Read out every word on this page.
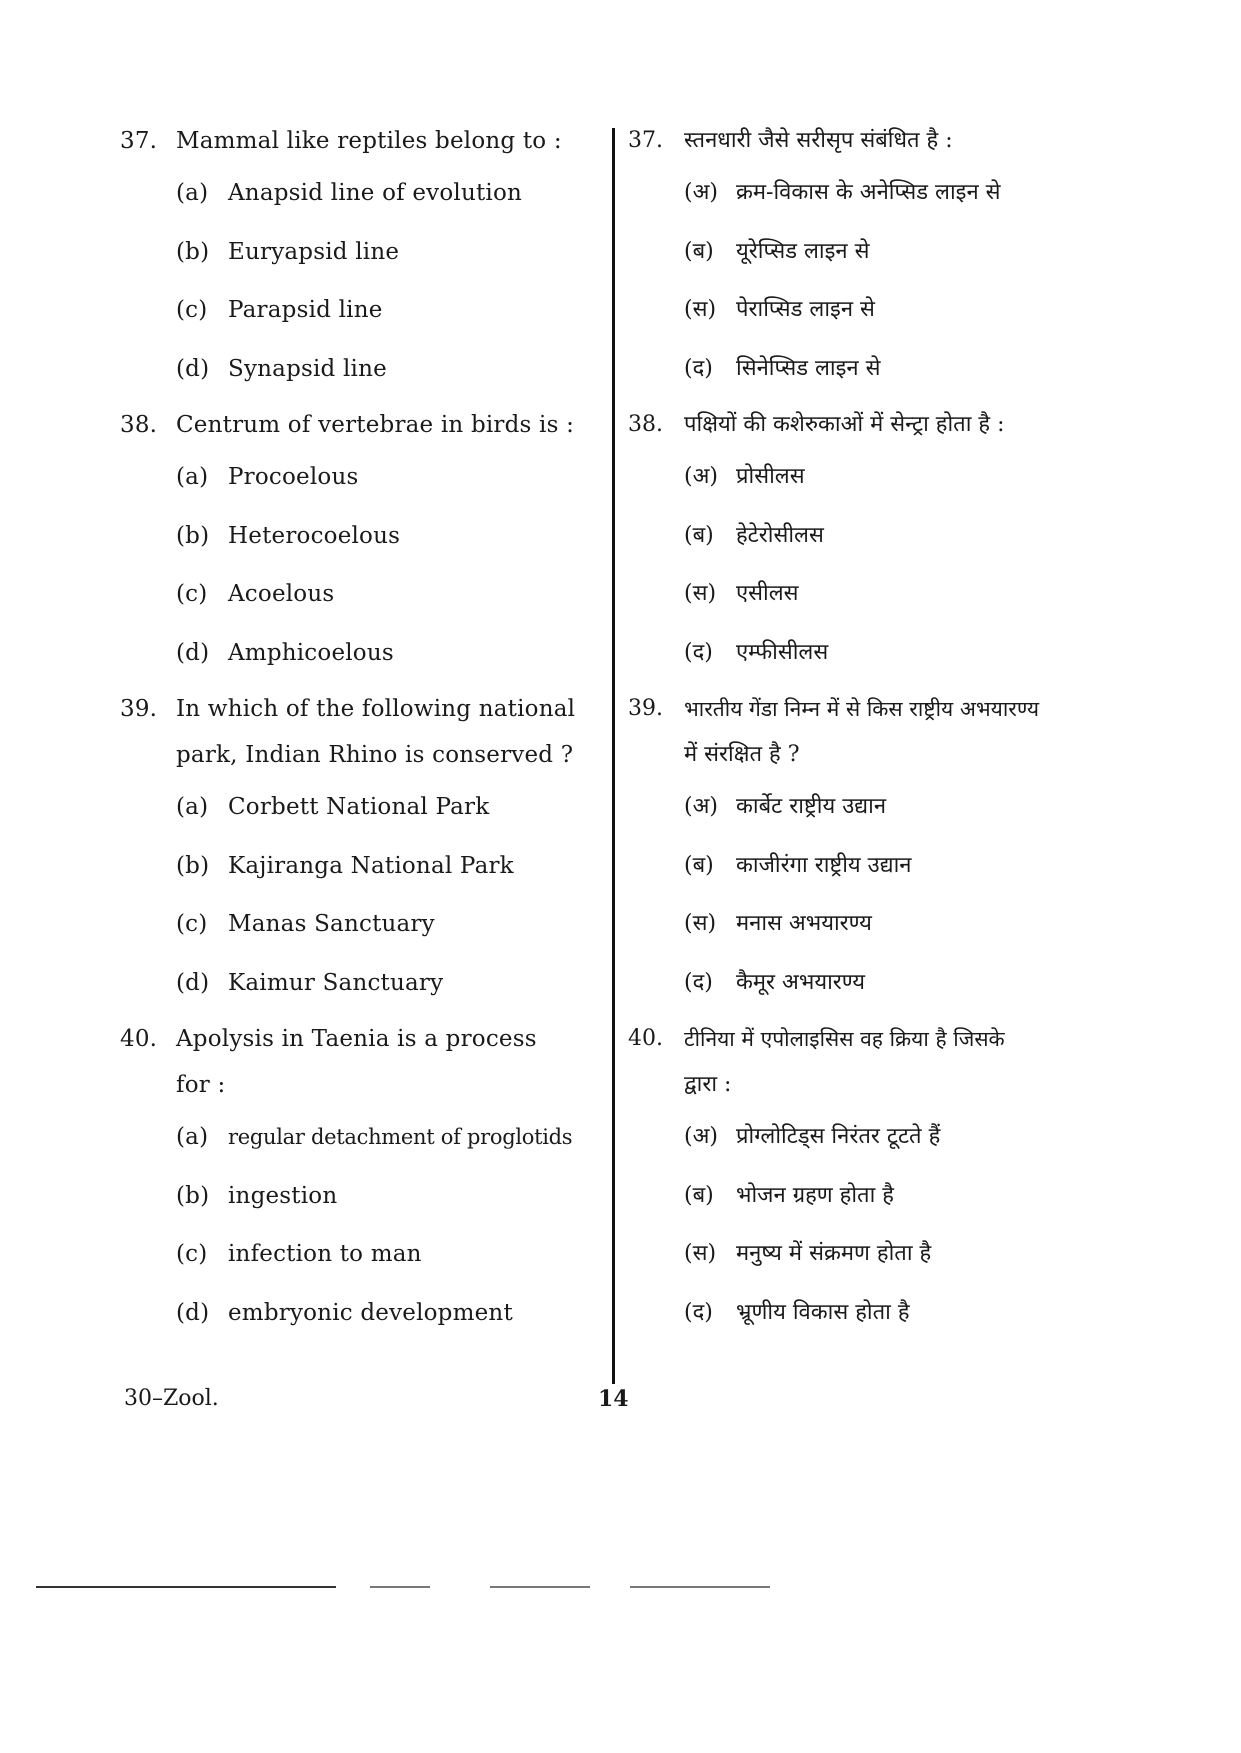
37. Mammal like reptiles belong to :
(a) Anapsid line of evolution
(b) Euryapsid line
(c) Parapsid line
(d) Synapsid line
38. Centrum of vertebrae in birds is :
(a) Procoelous
(b) Heterocoelous
(c) Acoelous
(d) Amphicoelous
39. In which of the following national
park, Indian Rhino is conserved ?
(a) Corbett National Park
(b) Kajiranga National Park
(c) Manas Sanctuary
(d) Kaimur Sanctuary
40. Apolysis in Taenia is a process
for :
(a) regular detachment of proglotids
(b) ingestion
(c) infection to man
(d) embryonic development
37. स्तनधारी जैसे सरीसृप संबंधित है :
(अ) क्रम-विकास के अनेप्सिड लाइन से
(ब)	यूरेप्सिड लाइन से
(स) पेराप्सिड लाइन से
(द)	सिनेप्सिड लाइन से
38. पक्षियों की कशेरुकाओं में सेन्ट्रा होता है :
(अ) प्रोसीलस
(ब)	हेटेरोसीलस
(स) एसीलस
(द)	एम्फीसीलस
39.	भारतीय गेंडा निम्न में से किस राष्ट्रीय अभयारण्य
में संरक्षित है ?
(अ) कार्बेट राष्ट्रीय उद्यान
(ब)	काजीरंगा राष्ट्रीय उद्यान
(स) मनास अभयारण्य
(द)	कैमूर अभयारण्य
40.	टीनिया में एपोलाइसिस वह क्रिया है जिसके
द्वारा :
(अ) प्रोग्लोटिड्स निरंतर टूटते हैं
(ब)	भोजन ग्रहण होता है
(स) मनुष्य में संक्रमण होता है
(द)	भ्रूणीय विकास होता है
30–Zool.	14
